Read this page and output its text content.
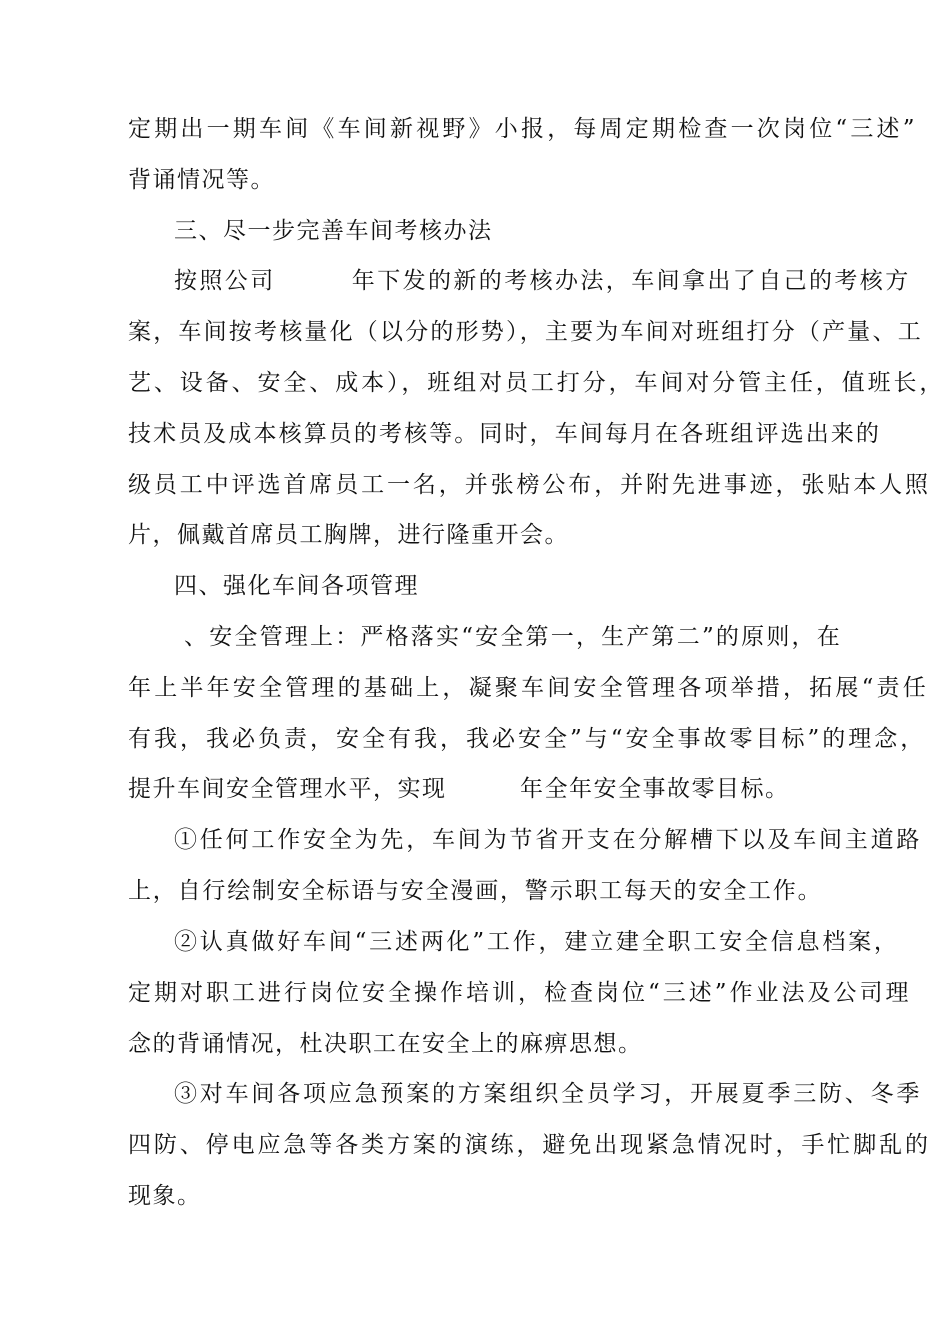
定期出一期车间《车间新视野》小报，每周定期检查一次岗位“三述”
背诵情况等。
三、尽一步完善车间考核办法
按照公司　　　年下发的新的考核办法，车间拿出了自己的考核方
案，车间按考核量化（以分的形势），主要为车间对班组打分（产量、工
艺、设备、安全、成本），班组对员工打分，车间对分管主任，值班长，
技术员及成本核算员的考核等。同时，车间每月在各班组评选出来的
级员工中评选首席员工一名，并张榜公布，并附先进事迹，张贴本人照
片，佩戴首席员工胸牌，进行隆重开会。
四、强化车间各项管理
、安全管理上：严格落实“安全第一，生产第二”的原则，在
年上半年安全管理的基础上，凝聚车间安全管理各项举措，拓展“责任
有我，我必负责，安全有我，我必安全”与“安全事故零目标”的理念，
提升车间安全管理水平，实现　　　年全年安全事故零目标。
①任何工作安全为先，车间为节省开支在分解槽下以及车间主道路
上，自行绘制安全标语与安全漫画，警示职工每天的安全工作。
②认真做好车间“三述两化”工作，建立建全职工安全信息档案，
定期对职工进行岗位安全操作培训，检查岗位“三述”作业法及公司理
念的背诵情况，杜决职工在安全上的麻痹思想。
③对车间各项应急预案的方案组织全员学习，开展夏季三防、冬季
四防、停电应急等各类方案的演练，避免出现紧急情况时，手忙脚乱的
现象。
